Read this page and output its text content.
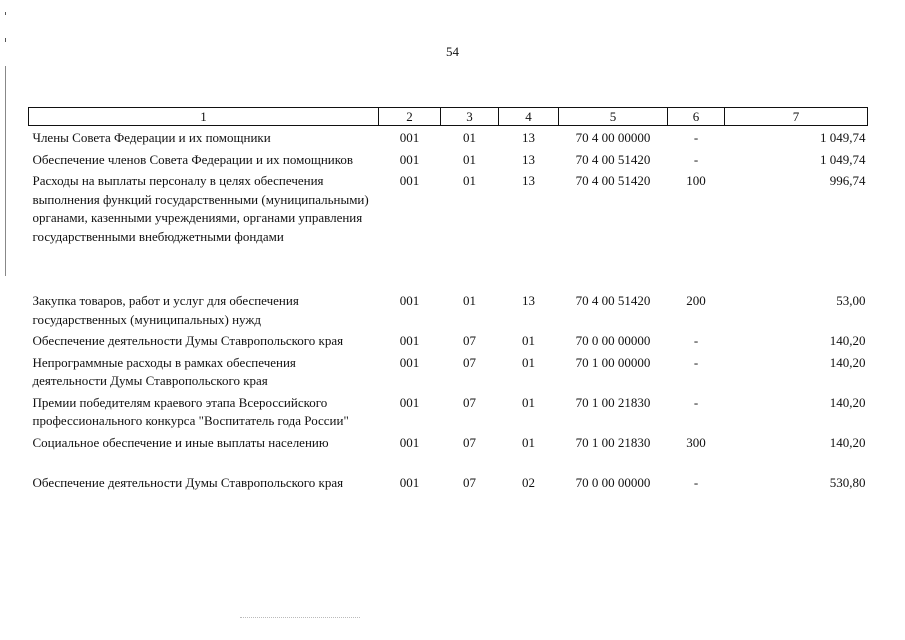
54
1	2	3	4	5	6	7
Члены Совета Федерации и их помощники	001	01	13	70 4 00 00000	-	1 049,74
Обеспечение членов Совета Федерации и их помощников	001	01	13	70 4 00 51420	-	1 049,74
Расходы на выплаты персоналу в целях обеспечения выполнения функций государственными (муниципальными) органами, казенными учреждениями, органами управления государственными внебюджетными фондами	001	01	13	70 4 00 51420	100	996,74
Закупка товаров, работ и услуг для обеспечения государственных (муниципальных) нужд	001	01	13	70 4 00 51420	200	53,00
Обеспечение деятельности Думы Ставропольского края	001	07	01	70 0 00 00000	-	140,20
Непрограммные расходы в рамках обеспечения деятельности Думы Ставропольского края	001	07	01	70 1 00 00000	-	140,20
Премии победителям краевого этапа Всероссийского профессионального конкурса "Воспитатель года России"	001	07	01	70 1 00 21830	-	140,20
Социальное обеспечение и иные выплаты населению	001	07	01	70 1 00 21830	300	140,20
Обеспечение деятельности Думы Ставропольского края	001	07	02	70 0 00 00000	-	530,80
